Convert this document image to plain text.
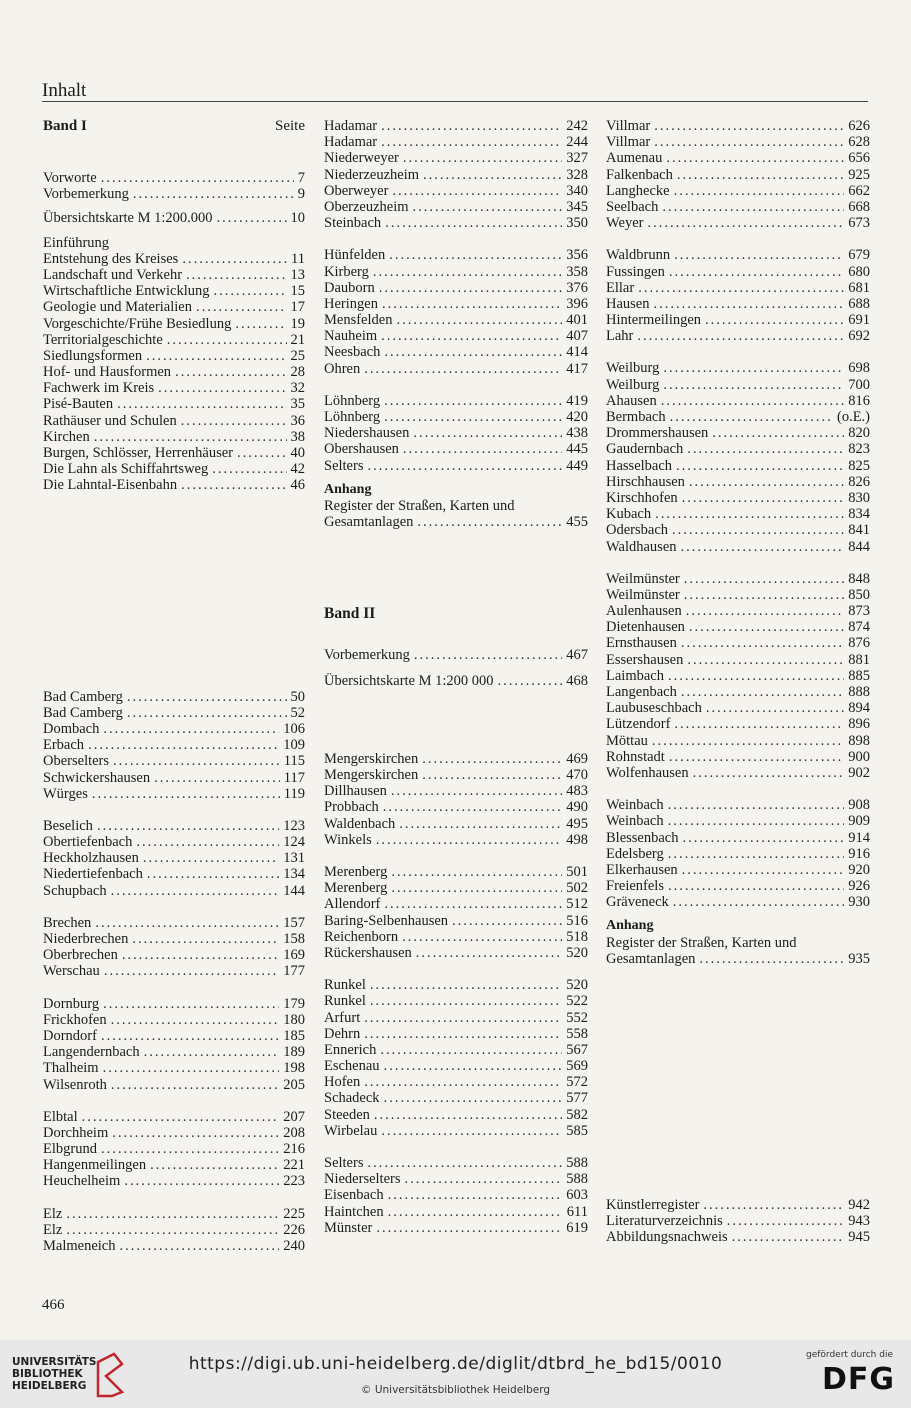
Inhalt
Band I	Seite
Vorworte .....	7
Vorbemerkung .....	9
Übersichtskarte M 1:200.000 .....	10
Einführung
Entstehung des Kreises .....	11
Landschaft und Verkehr .....	13
Wirtschaftliche Entwicklung .....	15
Geologie und Materialien .....	17
Vorgeschichte/Frühe Besiedlung .....	19
Territorialgeschichte .....	21
Siedlungsformen .....	25
Hof- und Hausformen .....	28
Fachwerk im Kreis .....	32
Pisé-Bauten .....	35
Rathäuser und Schulen .....	36
Kirchen .....	38
Burgen, Schlösser, Herrenhäuser .....	40
Die Lahn als Schiffahrtsweg .....	42
Die Lahntal-Eisenbahn .....	46
Bad Camberg .....	50
Bad Camberg .....	52
Dombach .....	106
Erbach .....	109
Oberselters .....	115
Schwickershausen .....	117
Würges .....	119
Beselich .....	123
Obertiefenbach .....	124
Heckholzhausen .....	131
Niedertiefenbach .....	134
Schupbach .....	144
Brechen .....	157
Niederbrechen .....	158
Oberbrechen .....	169
Werschau .....	177
Dornburg .....	179
Frickhofen .....	180
Dorndorf .....	185
Langendernbach .....	189
Thalheim .....	198
Wilsenroth .....	205
Elbtal .....	207
Dorchheim .....	208
Elbgrund .....	216
Hangenmeilingen .....	221
Heuchelheim .....	223
Elz .....	225
Elz .....	226
Malmeneich .....	240
Hadamar .....	242
Hadamar .....	244
Niederweyer .....	327
Niederzeuzheim .....	328
Oberweyer .....	340
Oberzeuzheim .....	345
Steinbach .....	350
Hünfelden .....	356
Kirberg .....	358
Dauborn .....	376
Heringen .....	396
Mensfelden .....	401
Nauheim .....	407
Neesbach .....	414
Ohren .....	417
Löhnberg .....	419
Löhnberg .....	420
Niedershausen .....	438
Obershausen .....	445
Selters .....	449
Anhang
Register der Straßen, Karten und
Gesamtanlagen .....	455
Band II
Vorbemerkung .....	467
Übersichtskarte M 1:200 000 .....	468
Mengerskirchen .....	469
Mengerskirchen .....	470
Dillhausen .....	483
Probbach .....	490
Waldenbach .....	495
Winkels .....	498
Merenberg .....	501
Merenberg .....	502
Allendorf .....	512
Baring-Selbenhausen .....	516
Reichenborn .....	518
Rückershausen .....	520
Runkel .....	520
Runkel .....	522
Arfurt .....	552
Dehrn .....	558
Ennerich .....	567
Eschenau .....	569
Hofen .....	572
Schadeck .....	577
Steeden .....	582
Wirbelau .....	585
Selters .....	588
Niederselters .....	588
Eisenbach .....	603
Haintchen .....	611
Münster .....	619
Villmar .....	626
Villmar .....	628
Aumenau .....	656
Falkenbach .....	925
Langhecke .....	662
Seelbach .....	668
Weyer .....	673
Waldbrunn .....	679
Fussingen .....	680
Ellar .....	681
Hausen .....	688
Hintermeilingen .....	691
Lahr .....	692
Weilburg .....	698
Weilburg .....	700
Ahausen .....	816
Bermbach .....	(o.E.)
Drommershausen .....	820
Gaudernbach .....	823
Hasselbach .....	825
Hirschhausen .....	826
Kirschhofen .....	830
Kubach .....	834
Odersbach .....	841
Waldhausen .....	844
Weilmünster .....	848
Weilmünster .....	850
Aulenhausen .....	873
Dietenhausen .....	874
Ernsthausen .....	876
Essershausen .....	881
Laimbach .....	885
Langenbach .....	888
Laubuseschbach .....	894
Lützendorf .....	896
Möttau .....	898
Rohnstadt .....	900
Wolfenhausen .....	902
Weinbach .....	908
Weinbach .....	909
Blessenbach .....	914
Edelsberg .....	916
Elkerhausen .....	920
Freienfels .....	926
Gräveneck .....	930
Anhang
Register der Straßen, Karten und
Gesamtanlagen .....	935
Künstlerregister .....	942
Literaturverzeichnis .....	943
Abbildungsnachweis .....	945
466
UNIVERSITÄTS-
BIBLIOTHEK
HEIDELBERG
https://digi.ub.uni-heidelberg.de/diglit/dtbrd_he_bd15/0010
© Universitätsbibliothek Heidelberg
gefördert durch die
DFG
